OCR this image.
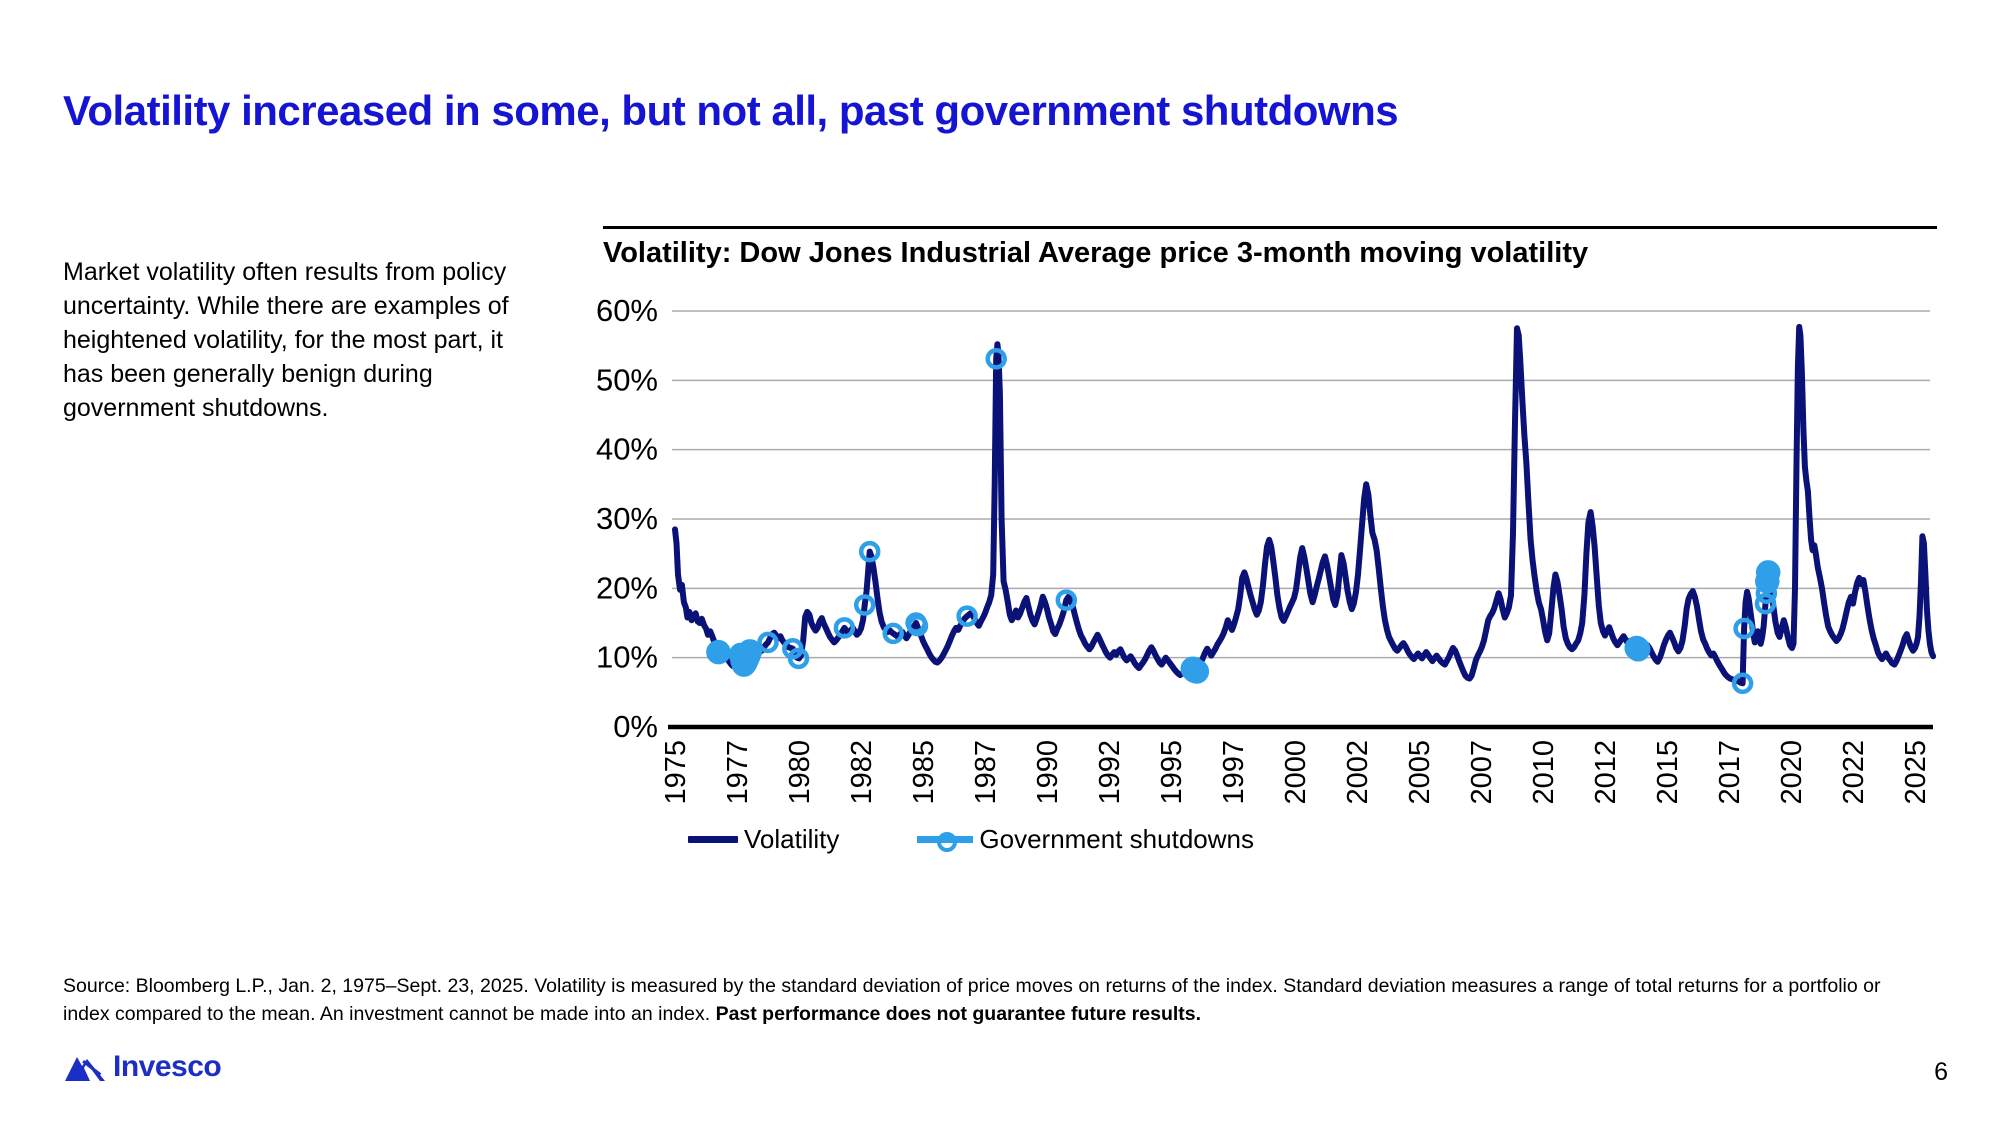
Volatility increased in some, but not all, past government shutdowns

Market volatility often results from policy uncertainty. While there are examples of heightened volatility, for the most part, it has been generally benign during government shutdowns.

Volatility: Dow Jones Industrial Average price 3-month moving volatility
0%
10%
20%
30%
40%
50%
60%
1975 1977 1980 1982 1985 1987 1990 1992 1995 1997 2000 2002 2005 2007 2010 2012 2015 2017 2020 2022 2025
Volatility	Government shutdowns

Source: Bloomberg L.P., Jan. 2, 1975–Sept. 23, 2025. Volatility is measured by the standard deviation of price moves on returns of the index. Standard deviation measures a range of total returns for a portfolio or index compared to the mean. An investment cannot be made into an index. Past performance does not guarantee future results.

Invesco	6
